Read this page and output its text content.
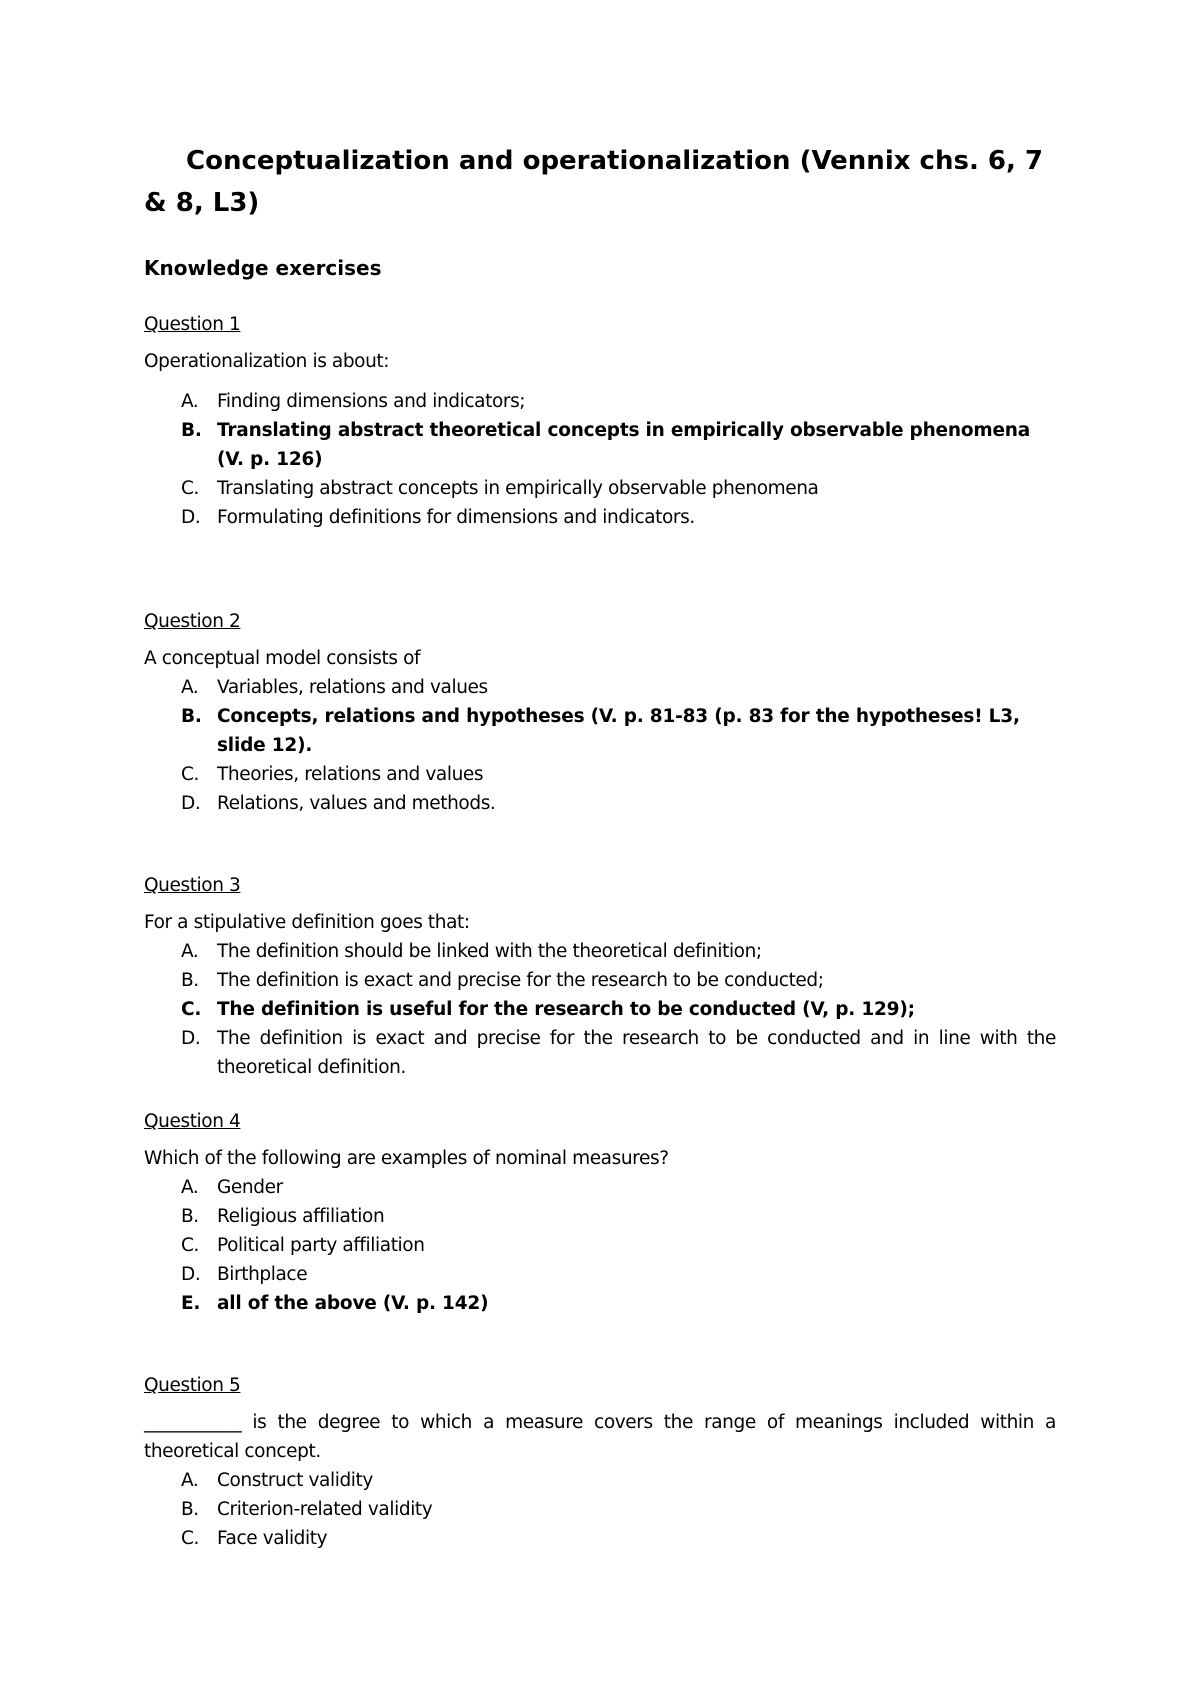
Conceptualization and operationalization (Vennix chs. 6, 7 & 8, L3)
Knowledge exercises

Question 1

Operationalization is about:

A.	Finding dimensions and indicators;
B. Translating abstract theoretical concepts in empirically observable phenomena (V. p. 126)
C. Translating abstract concepts in empirically observable phenomena
D. Formulating definitions for dimensions and indicators.

Question 2

A conceptual model consists of

A.	Variables, relations and values
B. Concepts, relations and hypotheses (V. p. 81-83 (p. 83 for the hypotheses! L3, slide 12).
C. Theories, relations and values
D. Relations, values and methods.

Question 3

For a stipulative definition goes that:

A.	The definition should be linked with the theoretical definition;
B. The definition is exact and precise for the research to be conducted;
C. The definition is useful for the research to be conducted (V, p. 129);
D. The definition is exact and precise for the research to be conducted and in line with the theoretical definition.

Question 4

Which of the following are examples of nominal measures?

A.	Gender
B. Religious affiliation
C. Political party affiliation
D. Birthplace
E. all of the above (V. p. 142)

Question 5

___________ is the degree to which a measure covers the range of meanings included within a theoretical concept.

A.	Construct validity
B. Criterion-related validity
C. Face validity
